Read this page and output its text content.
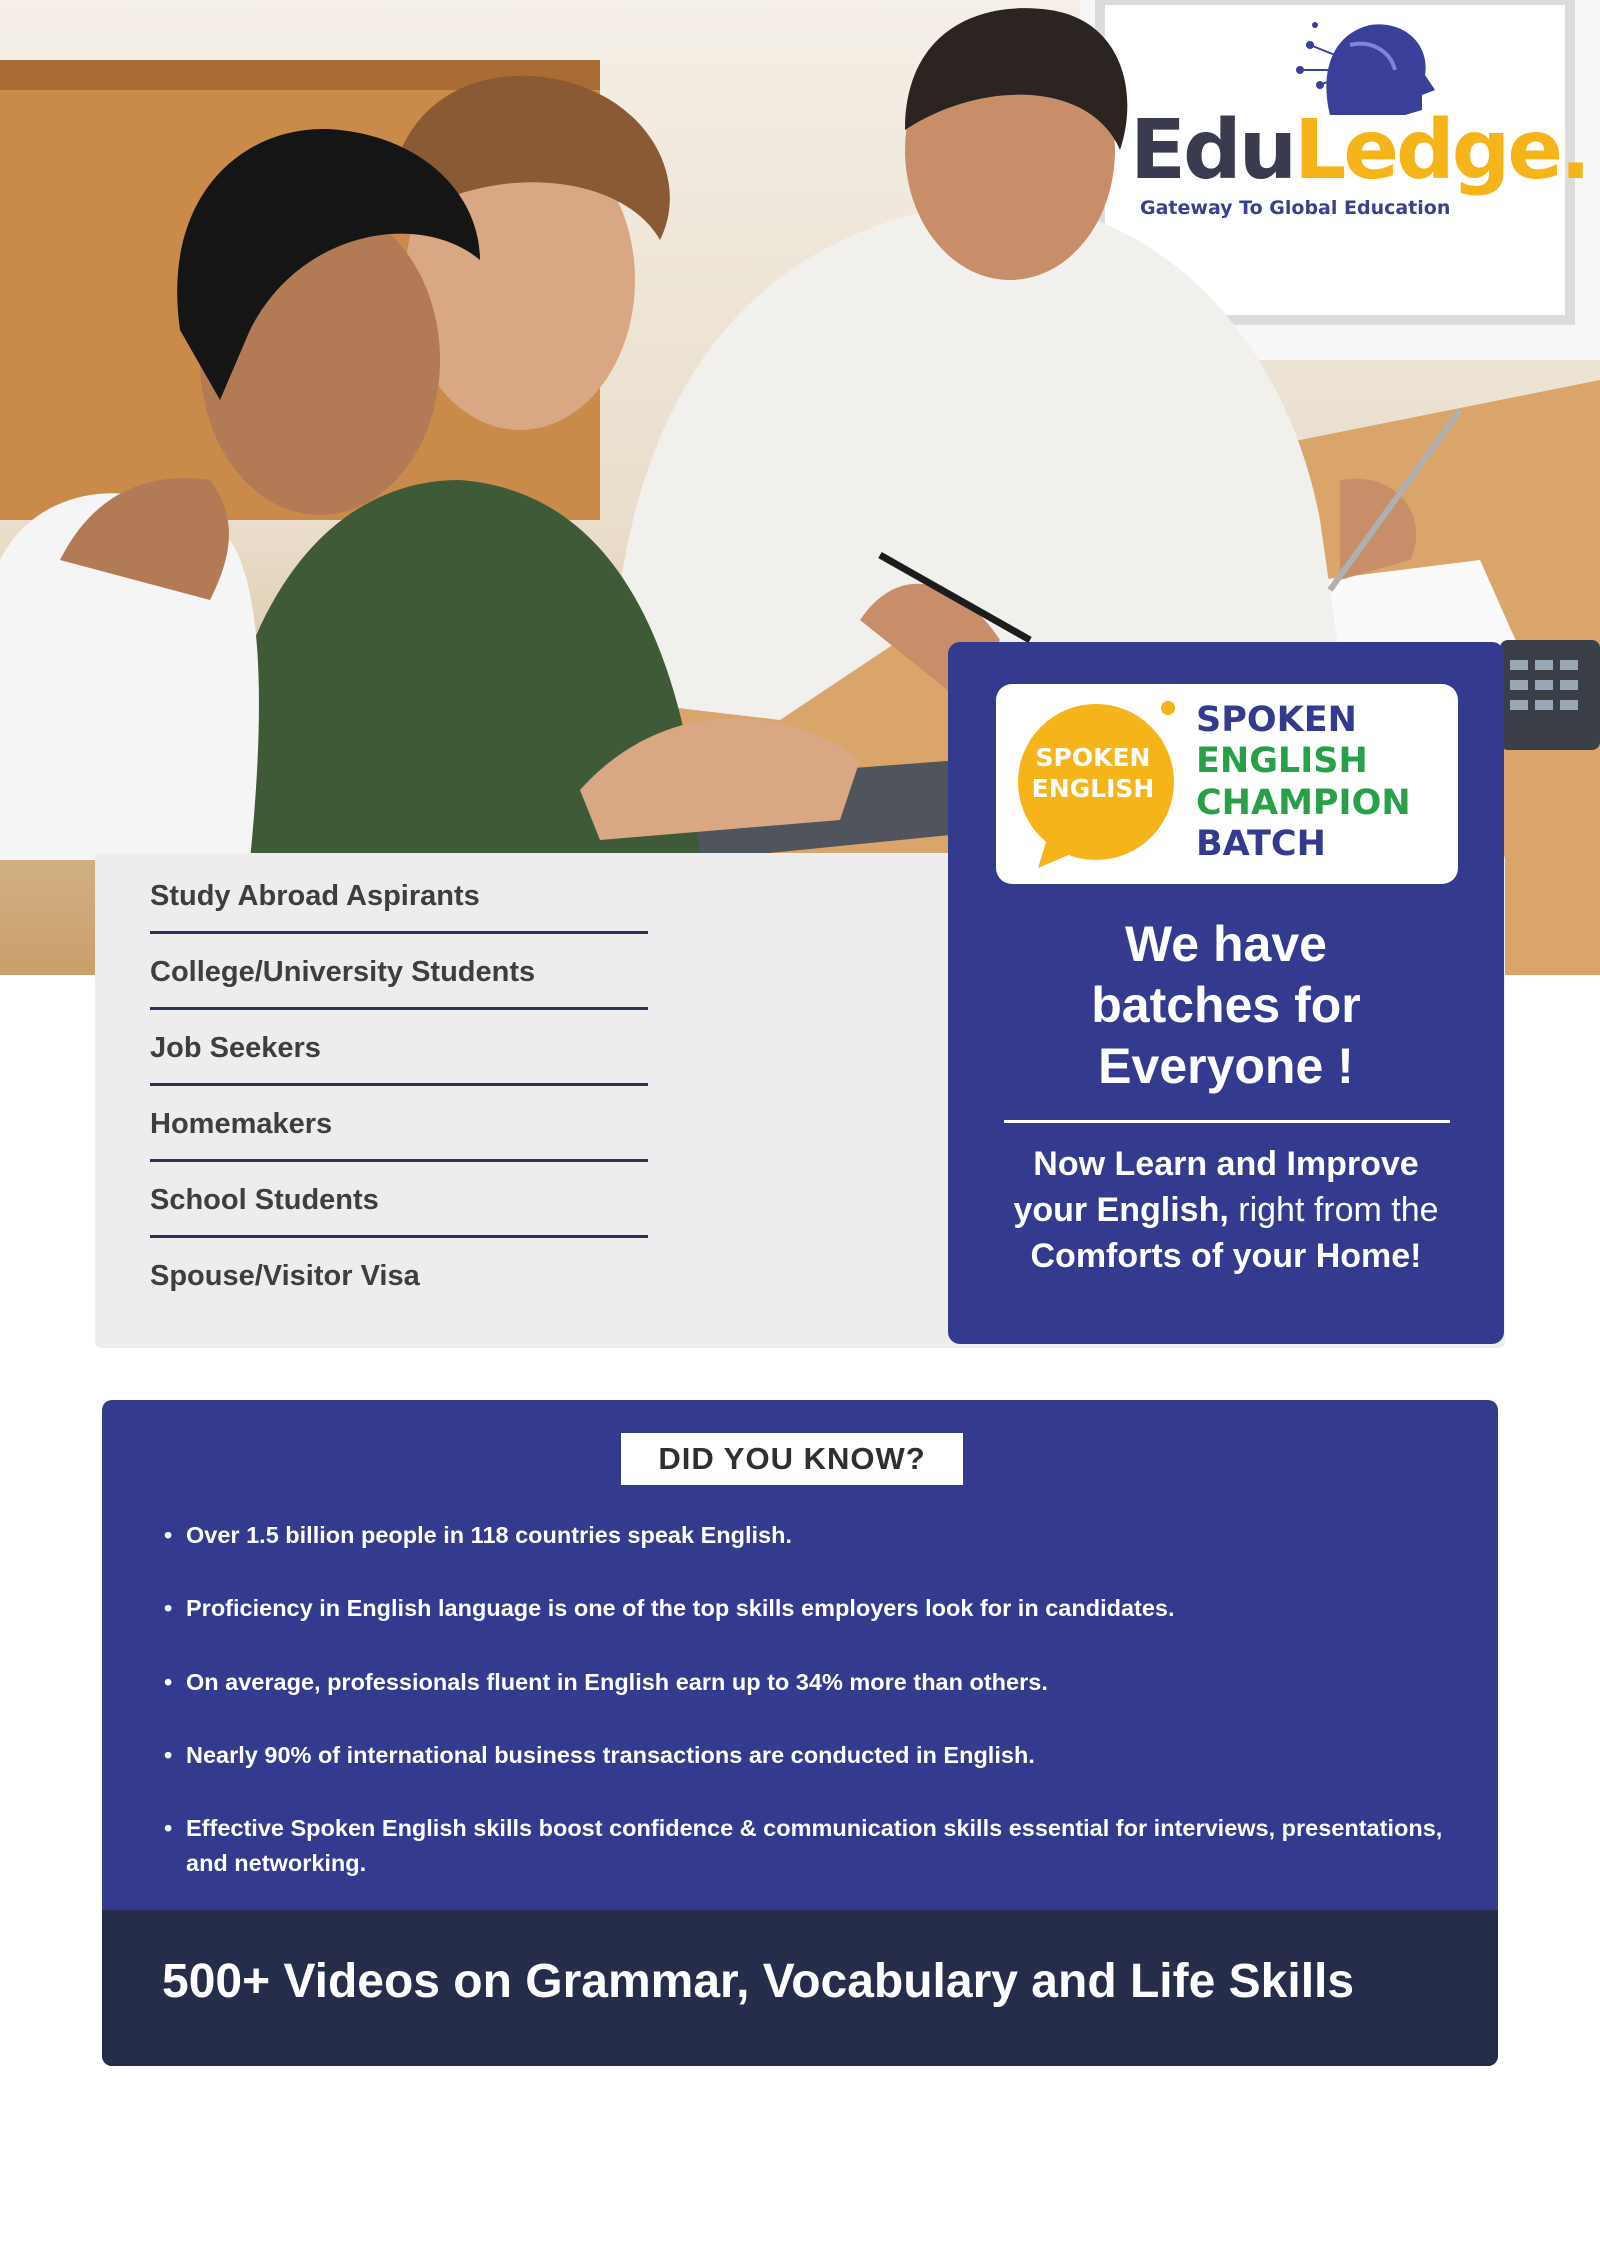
EduLedge.
Gateway To Global Education
Study Abroad Aspirants
College/University Students
Job Seekers
Homemakers
School Students
Spouse/Visitor Visa
SPOKEN
ENGLISH
SPOKEN
ENGLISH
CHAMPION
BATCH
We have
batches for
Everyone !
Now Learn and Improve
your English, right from the
Comforts of your Home!
DID YOU KNOW?
• Over 1.5 billion people in 118 countries speak English.
• Proficiency in English language is one of the top skills employers look for in candidates.
• On average, professionals fluent in English earn up to 34% more than others.
• Nearly 90% of international business transactions are conducted in English.
• Effective Spoken English skills boost confidence & communication skills essential for interviews, presentations, and networking.
500+ Videos on Grammar, Vocabulary and Life Skills
